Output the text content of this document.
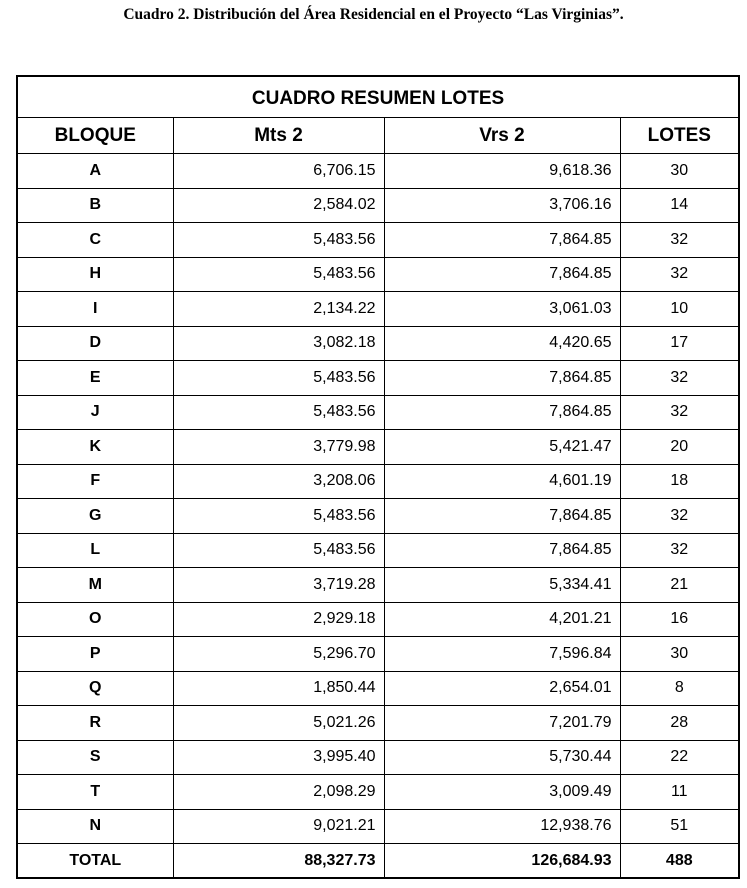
Cuadro 2. Distribución del Área Residencial en el Proyecto “Las Virginias”.
CUADRO RESUMEN LOTES			
BLOQUE	Mts 2	Vrs 2	LOTES
A	6,706.15	9,618.36	30
B	2,584.02	3,706.16	14
C	5,483.56	7,864.85	32
H	5,483.56	7,864.85	32
I	2,134.22	3,061.03	10
D	3,082.18	4,420.65	17
E	5,483.56	7,864.85	32
J	5,483.56	7,864.85	32
K	3,779.98	5,421.47	20
F	3,208.06	4,601.19	18
G	5,483.56	7,864.85	32
L	5,483.56	7,864.85	32
M	3,719.28	5,334.41	21
O	2,929.18	4,201.21	16
P	5,296.70	7,596.84	30
Q	1,850.44	2,654.01	8
R	5,021.26	7,201.79	28
S	3,995.40	5,730.44	22
T	2,098.29	3,009.49	11
N	9,021.21	12,938.76	51
TOTAL	88,327.73	126,684.93	488
